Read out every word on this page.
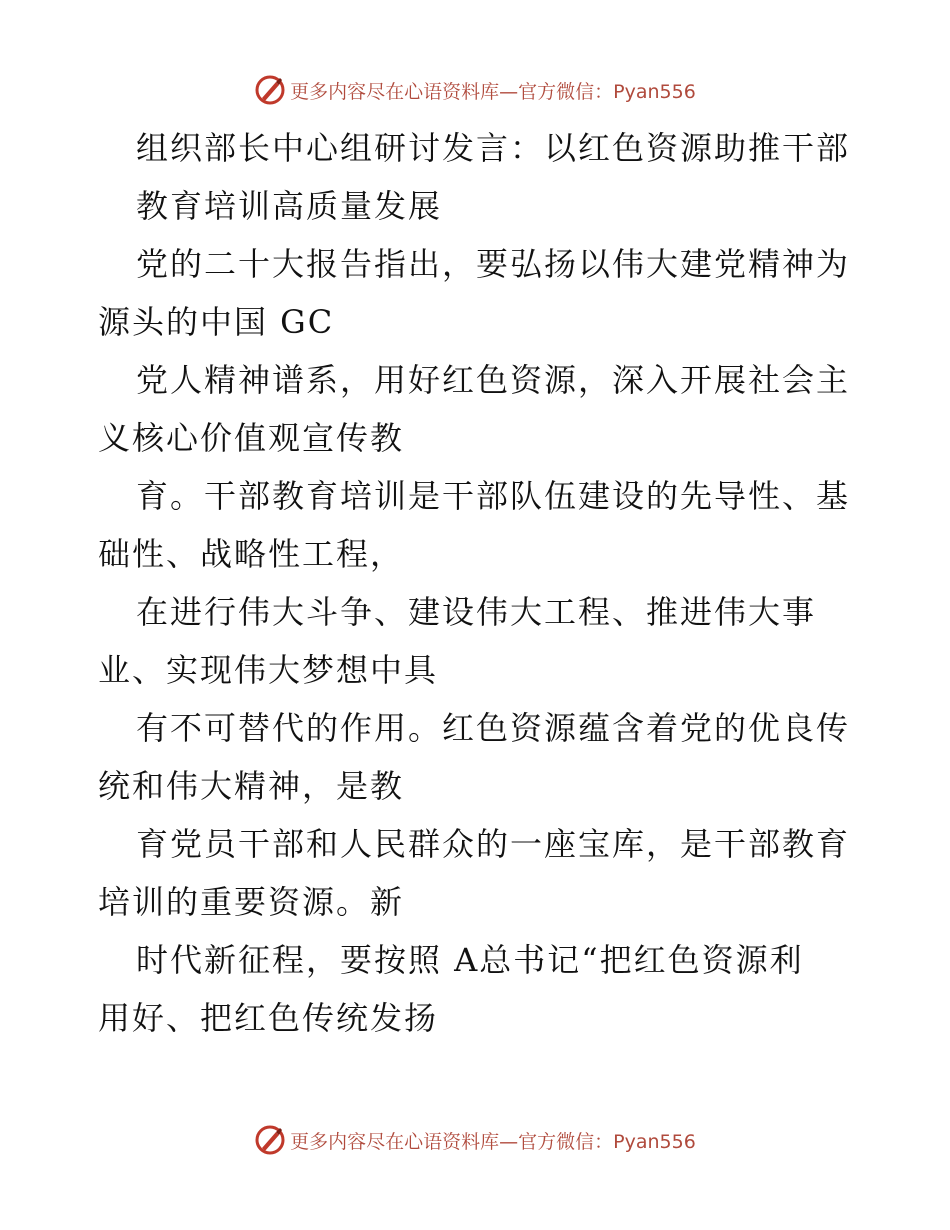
更多内容尽在心语资料库—官方微信：Pyan556
组织部长中心组研讨发言：以红色资源助推干部
教育培训高质量发展
党的二十大报告指出，要弘扬以伟大建党精神为
源头的中国 GC
党人精神谱系，用好红色资源，深入开展社会主
义核心价值观宣传教
育。干部教育培训是干部队伍建设的先导性、基
础性、战略性工程，
在进行伟大斗争、建设伟大工程、推进伟大事
业、实现伟大梦想中具
有不可替代的作用。红色资源蕴含着党的优良传
统和伟大精神，是教
育党员干部和人民群众的一座宝库，是干部教育
培训的重要资源。新
时代新征程，要按照 A总书记“把红色资源利
用好、把红色传统发扬
更多内容尽在心语资料库—官方微信：Pyan556
